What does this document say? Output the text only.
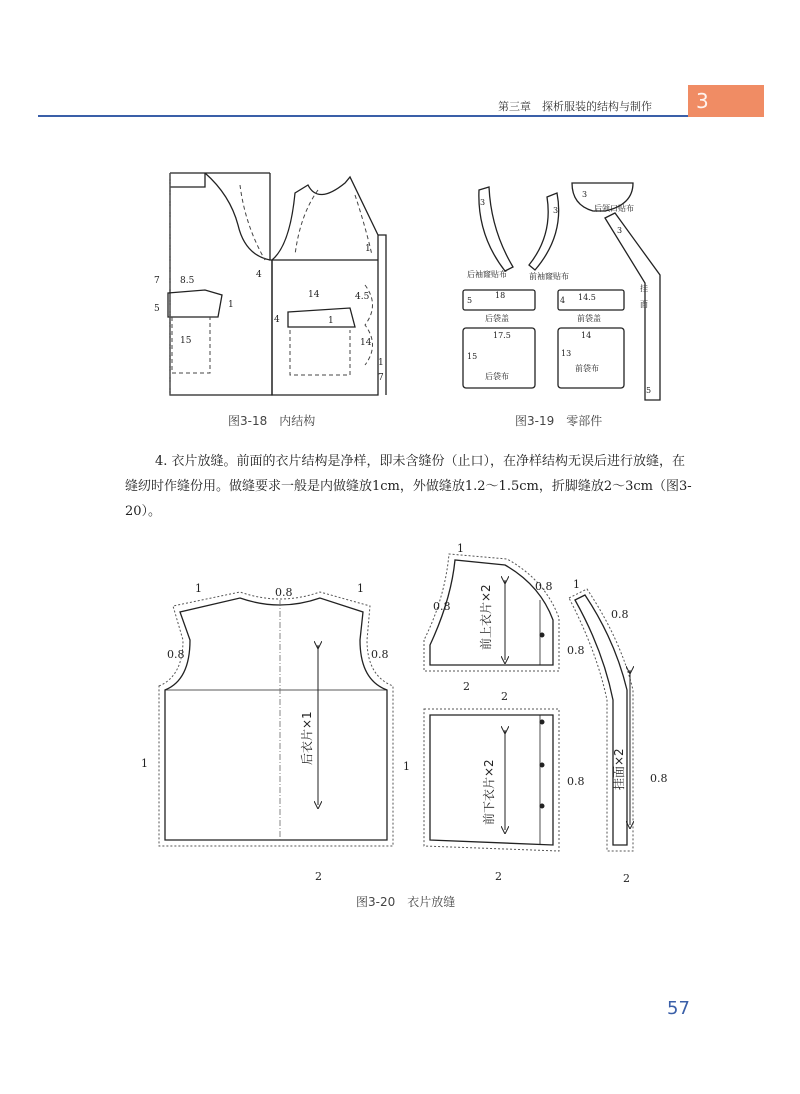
第三章　探析服装的结构与制作	3
7 8.5
5	1
15
4
14	4.5
4	1
14
1
7
1
图3-18　内结构
3
3
3
3
后领口贴布
后袖窿贴布	前袖窿贴布
挂
面
18
5
后袋盖
4 14.5
前袋盖
17.5
15
后袋布
14
13
前袋布
5
图3-19　零部件

4. 衣片放缝。前面的衣片结构是净样，即未含缝份（止口），在净样结构无误后进行放缝，在缝纫时作缝份用。做缝要求一般是内做缝放1cm，外做缝放1.2～1.5cm，折脚缝放2～3cm（图3-20）。

后衣片×1
前上衣片×2
前下衣片×2	挂面×2
1	0.8	1
0.8	0.8
1
2
1
0.8
0.8
0.8
2
2
1
0.8
2
1
0.8
0.8
2
图3-20　衣片放缝
57
